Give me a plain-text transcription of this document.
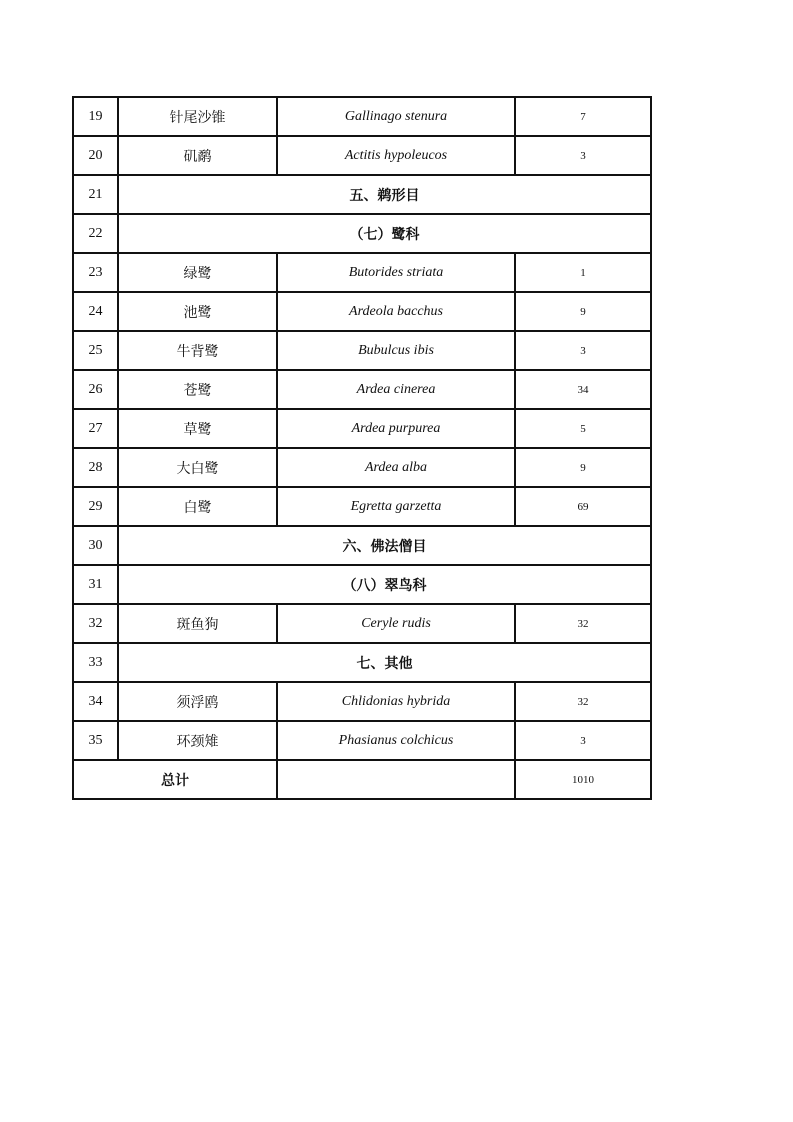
19	针尾沙锥	Gallinago stenura	7
20	矶鹬	Actitis hypoleucos	3
21	五、鹈形目		
22	（七）鹭科		
23	绿鹭	Butorides striata	1
24	池鹭	Ardeola bacchus	9
25	牛背鹭	Bubulcus ibis	3
26	苍鹭	Ardea cinerea	34
27	草鹭	Ardea purpurea	5
28	大白鹭	Ardea alba	9
29	白鹭	Egretta garzetta	69
30	六、佛法僧目		
31	（八）翠鸟科		
32	斑鱼狗	Ceryle rudis	32
33	七、其他		
34	须浮鸥	Chlidonias hybrida	32
35	环颈雉	Phasianus colchicus	3
总计			1010
